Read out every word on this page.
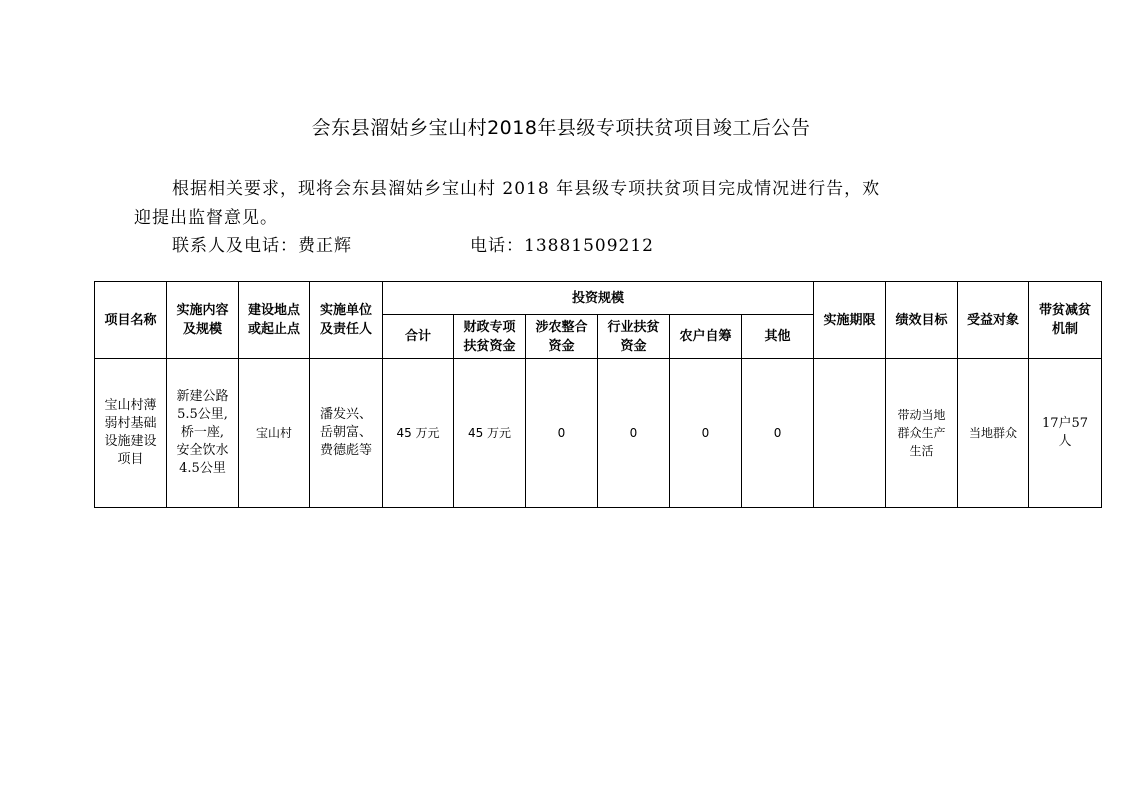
会东县溜姑乡宝山村2018年县级专项扶贫项目竣工后公告
根据相关要求，现将会东县溜姑乡宝山村 2018 年县级专项扶贫项目完成情况进行告，欢
迎提出监督意见。
联系人及电话：费正辉	电话：13881509212
项目名称	实施内容及规模	建设地点或起止点	实施单位及责任人	投资规模						实施期限	绩效目标	受益对象	带贫减贫机制
				合计	财政专项扶贫资金	涉农整合资金	行业扶贫资金	农户自筹	其他				
宝山村薄弱村基础设施建设项目	新建公路5.5公里,桥一座,安全饮水4.5公里	宝山村	潘发兴、岳朝富、费德彪等	45 万元	45 万元	0	0	0	0		带动当地群众生产生活	当地群众	17户57人
